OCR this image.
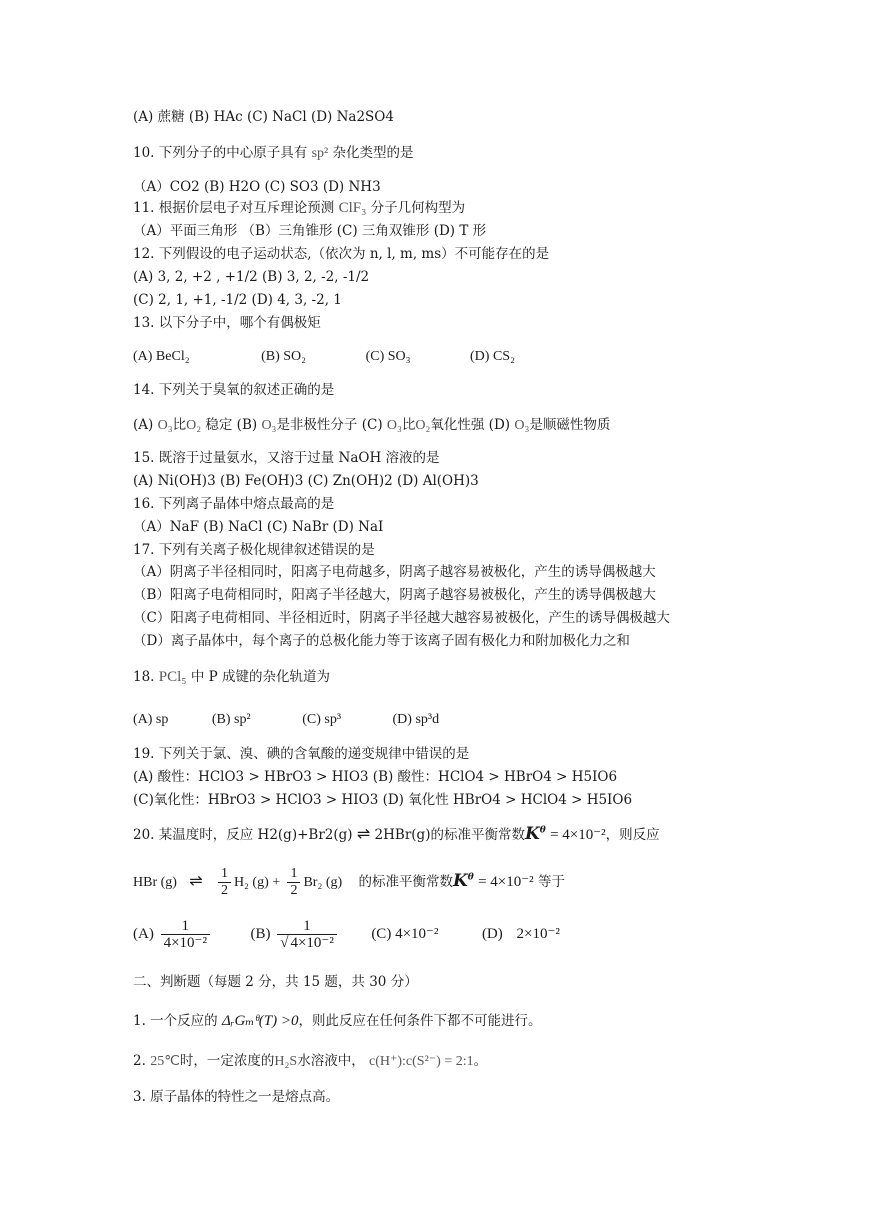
(A) 蔗糖 (B) HAc (C) NaCl (D) Na2SO4
10. 下列分子的中心原子具有 sp² 杂化类型的是
（A）CO2 (B) H2O (C) SO3 (D) NH3
11. 根据价层电子对互斥理论预测 ClF₃ 分子几何构型为
（A）平面三角形 （B）三角锥形 (C) 三角双锥形 (D) T 形
12. 下列假设的电子运动状态,（依次为 n, l, m, ms）不可能存在的是
(A) 3, 2, +2 , +1/2 (B) 3, 2, -2, -1/2
(C) 2, 1, +1, -1/2 (D) 4, 3, -2, 1
13. 以下分子中，哪个有偶极矩
(A) BeCl₂	(B) SO₂	(C) SO₃	(D) CS₂
14. 下列关于臭氧的叙述正确的是
(A) O₃比O₂ 稳定 (B) O₃是非极性分子 (C) O₃比O₂氧化性强 (D) O₃是顺磁性物质
15. 既溶于过量氨水，又溶于过量 NaOH 溶液的是
(A) Ni(OH)3 (B) Fe(OH)3 (C) Zn(OH)2 (D) Al(OH)3
16. 下列离子晶体中熔点最高的是
（A）NaF (B) NaCl (C) NaBr (D) NaI
17. 下列有关离子极化规律叙述错误的是
（A）阴离子半径相同时，阳离子电荷越多，阴离子越容易被极化，产生的诱导偶极越大
（B）阳离子电荷相同时，阳离子半径越大，阴离子越容易被极化，产生的诱导偶极越大
（C）阳离子电荷相同、半径相近时，阴离子半径越大越容易被极化，产生的诱导偶极越大
（D）离子晶体中，每个离子的总极化能力等于该离子固有极化力和附加极化力之和
18. PCl₅ 中 P 成键的杂化轨道为
(A) sp	(B) sp²	(C) sp³	(D) sp³d
19. 下列关于氯、溴、碘的含氧酸的递变规律中错误的是
(A) 酸性：HClO3 > HBrO3 > HIO3 (B) 酸性：HClO4 > HBrO4 > H5IO6
(C)氧化性：HBrO3 > HClO3 > HIO3 (D) 氧化性 HBrO4 > HClO4 > H5IO6
20. 某温度时，反应 H2(g)+Br2(g) ⇌ 2HBr(g)的标准平衡常数$K^\theta = 4\times 10^{-2}$，则反应
HBr (g) ⇌ $\frac{1}{2} H_2$ $(g) + \frac{1}{2} Br_2$ (g) 的标准平衡常数$K^\theta = 4\times 10^{-2}$ 等于
$(A) \frac{1}{\text{4×10⁻²}}$	$(B) \frac{1}{\text{√ 4×10⁻²}} (C)$ 4×10⁻²	(D) 2×10⁻²
二、判断题（每题 2 分，共 15 题，共 30 分）
1. 一个反应的 ΔᵣGₘᶿ(T) >0，则此反应在任何条件下都不可能进行。
2. 25℃时，一定浓度的H₂S水溶液中， c(H⁺):c(S²⁻) = 2:1。
3. 原子晶体的特性之一是熔点高。
